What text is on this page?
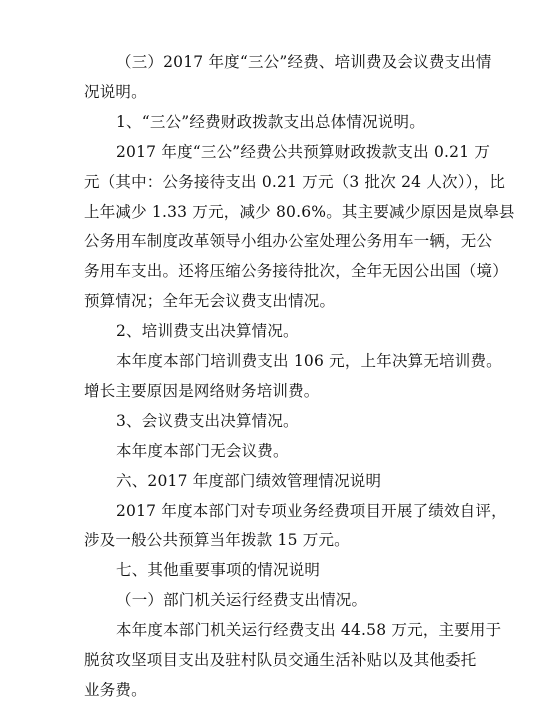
（三）2017 年度“三公”经费、培训费及会议费支出情
况说明。
1、“三公”经费财政拨款支出总体情况说明。
2017 年度“三公”经费公共预算财政拨款支出 0.21 万
元（其中：公务接待支出 0.21 万元（3 批次 24 人次）），比
上年减少 1.33 万元，减少 80.6%。其主要减少原因是岚皋县
公务用车制度改革领导小组办公室处理公务用车一辆，无公
务用车支出。还将压缩公务接待批次，全年无因公出国（境）
预算情况；全年无会议费支出情况。
2、培训费支出决算情况。
本年度本部门培训费支出 106 元，上年决算无培训费。
增长主要原因是网络财务培训费。
3、会议费支出决算情况。
本年度本部门无会议费。
六、2017 年度部门绩效管理情况说明
2017 年度本部门对专项业务经费项目开展了绩效自评，
涉及一般公共预算当年拨款 15 万元。
七、其他重要事项的情况说明
（一）部门机关运行经费支出情况。
本年度本部门机关运行经费支出 44.58 万元，主要用于
脱贫攻坚项目支出及驻村队员交通生活补贴以及其他委托
业务费。
